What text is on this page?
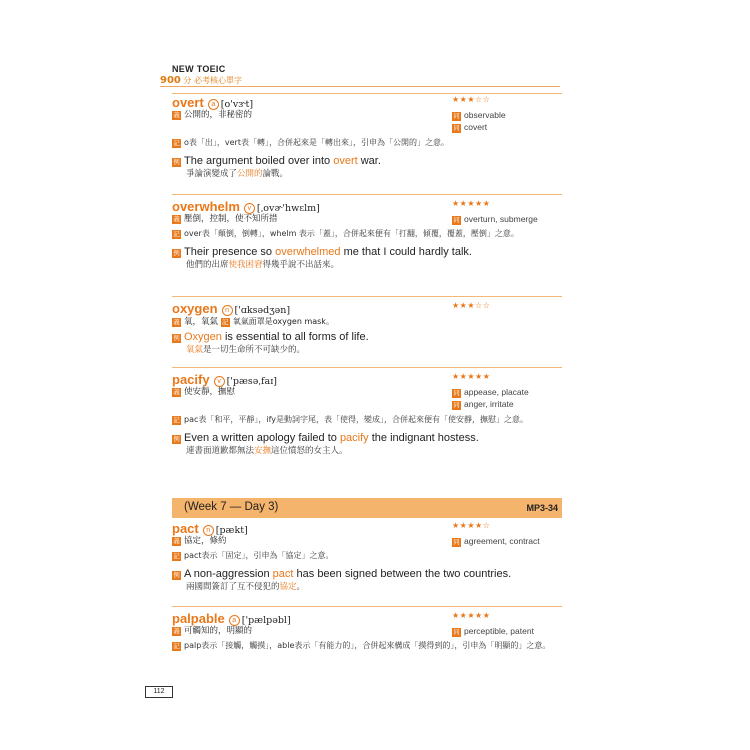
NEW TOEIC
900 分 必考核心單字
overt a [o'vɝt]	★★★☆☆
義 公開的，非秘密的	同 observable
同 covert
記 o表「出」，vert表「轉」，合併起來是「轉出來」，引申為「公開的」之意。
例 The argument boiled over into overt war.
爭論演變成了公開的論戰。
overwhelm v [ˌovɚ'hwɛlm]	★★★★★
義 壓倒，控制，使不知所措	同 overturn, submerge
記 over表「顛倒，倒轉」，whelm 表示「蓋」，合併起來便有「打翻，傾覆，覆蓋，壓倒」之意。
例 Their presence so overwhelmed me that I could hardly talk.
他們的出席使我困窘得幾乎說不出話來。
oxygen n ['ɑksədʒən]	★★★☆☆
義 氧，氧氣 記 氧氣面罩是oxygen mask。
例 Oxygen is essential to all forms of life.
氧氣是一切生命所不可缺少的。
pacify v ['pæsəˌfaɪ]	★★★★★
義 使安靜，撫慰	同 appease, placate
同 anger, irritate
記 pac表「和平，平靜」，ify是動詞字尾，表「使得，變成」，合併起來便有「使安靜，撫慰」之意。
例 Even a written apology failed to pacify the indignant hostess.
連書面道歉都無法安撫這位憤怒的女主人。
(Week 7 — Day 3)	MP3-34
pact n [pækt]	★★★★☆
義 協定，條約	同 agreement, contract
記 pact表示「固定」，引申為「協定」之意。
例 A non-aggression pact has been signed between the two countries.
兩國間簽訂了互不侵犯的協定。
palpable a ['pælpəbl]	★★★★★
義 可觸知的，明顯的	同 perceptible, patent
記 palp表示「接觸，觸摸」，able表示「有能力的」，合併起來構成「摸得到的」，引申為「明顯的」之意。
112
